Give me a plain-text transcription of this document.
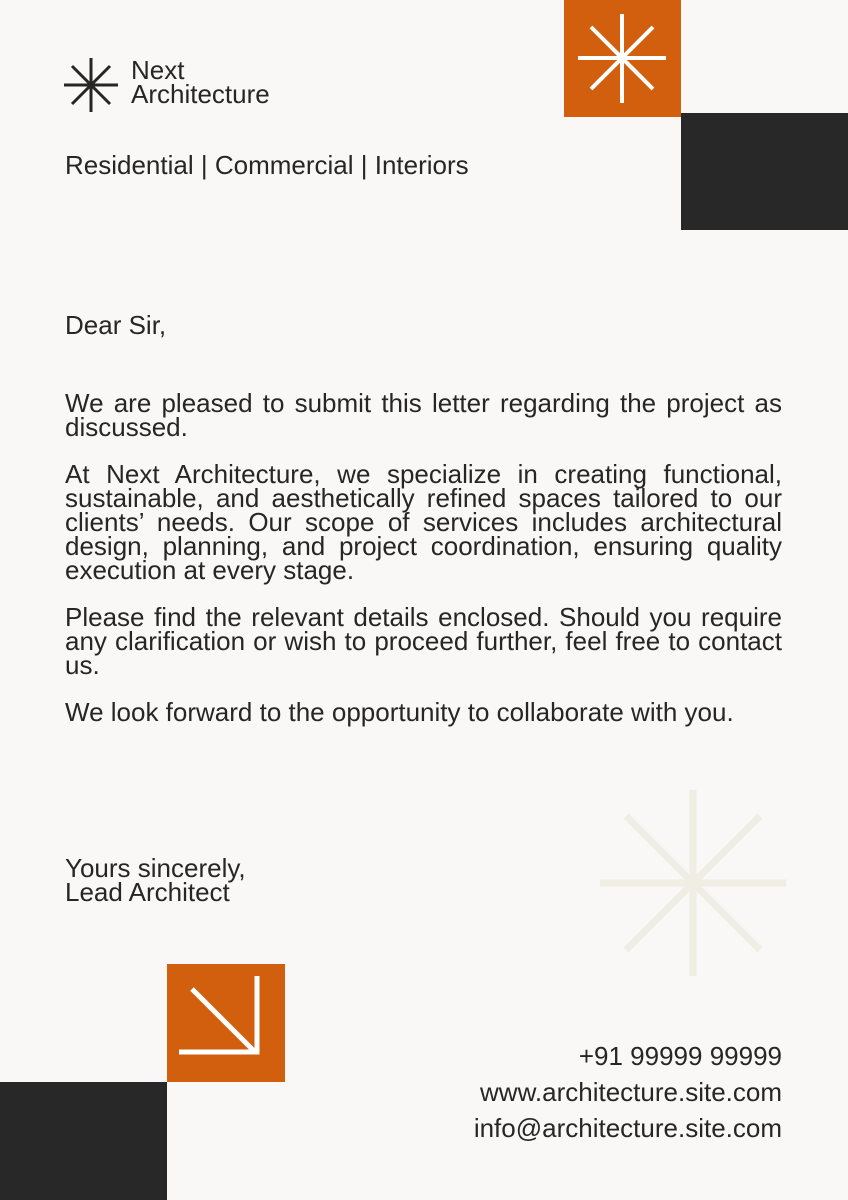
Next
Architecture
Residential | Commercial | Interiors
Dear Sir,

We are pleased to submit this letter regarding the project as discussed.

At Next Architecture, we specialize in creating functional, sustainable, and aesthetically refined spaces tailored to our clients’ needs. Our scope of services includes architectural design, planning, and project coordination, ensuring quality execution at every stage.

Please find the relevant details enclosed. Should you require any clarification or wish to proceed further, feel free to contact us.

We look forward to the opportunity to collaborate with you.

Yours sincerely,
Lead Architect
+91 99999 99999
www.architecture.site.com
info@architecture.site.com
